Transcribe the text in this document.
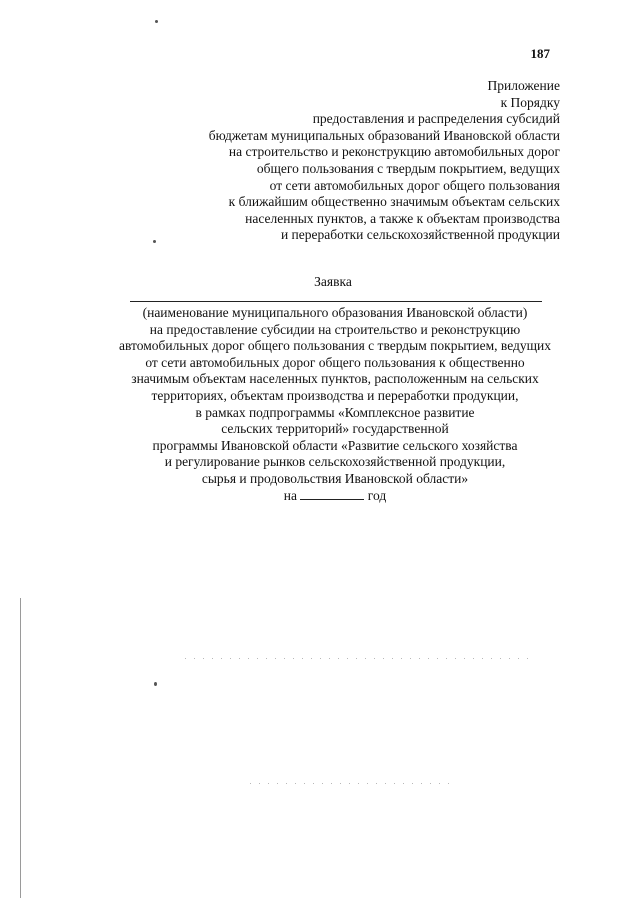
187
Приложение
к Порядку
предоставления и распределения субсидий
бюджетам муниципальных образований Ивановской области
на строительство и реконструкцию автомобильных дорог
общего пользования с твердым покрытием, ведущих
от сети автомобильных дорог общего пользования
к ближайшим общественно значимым объектам сельских
населенных пунктов, а также к объектам производства
и переработки сельскохозяйственной продукции
Заявка
(наименование муниципального образования Ивановской области)
на предоставление субсидии на строительство и реконструкцию
автомобильных дорог общего пользования с твердым покрытием, ведущих
от сети автомобильных дорог общего пользования к общественно
значимым объектам населенных пунктов, расположенным на сельских
территориях, объектам производства и переработки продукции,
в рамках подпрограммы «Комплексное развитие
сельских территорий» государственной
программы Ивановской области «Развитие сельского хозяйства
и регулирование рынков сельскохозяйственной продукции,
сырья и продовольствия Ивановской области»
на	год
